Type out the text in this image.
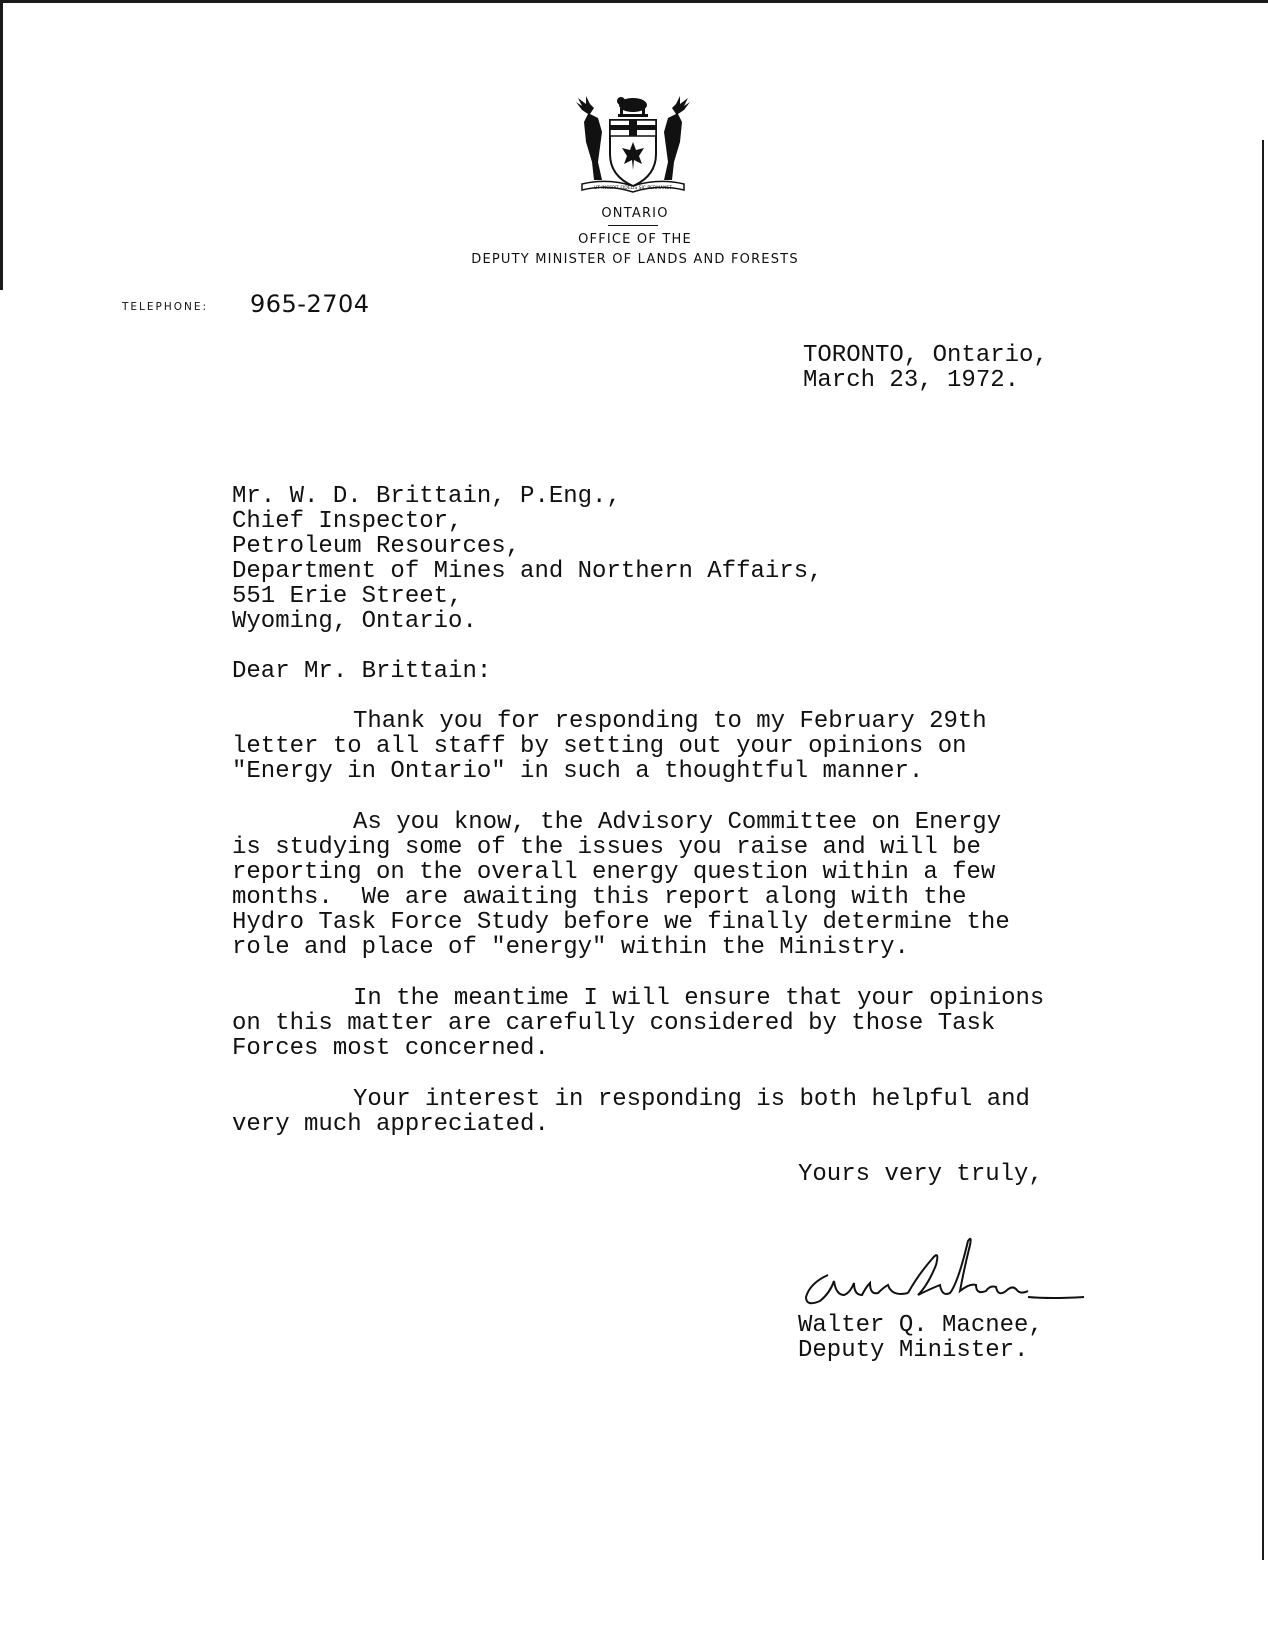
UT INCEPIT FIDELIS SIC PERMANET
ONTARIO
OFFICE OF THE
DEPUTY MINISTER OF LANDS AND FORESTS
TELEPHONE: 965-2704
TORONTO, Ontario,
March 23, 1972.
Mr. W. D. Brittain, P.Eng.,
Chief Inspector,
Petroleum Resources,
Department of Mines and Northern Affairs,
551 Erie Street,
Wyoming, Ontario.
Dear Mr. Brittain:
Thank you for responding to my February 29th
letter to all staff by setting out your opinions on
"Energy in Ontario" in such a thoughtful manner.
As you know, the Advisory Committee on Energy
is studying some of the issues you raise and will be
reporting on the overall energy question within a few
months.  We are awaiting this report along with the
Hydro Task Force Study before we finally determine the
role and place of "energy" within the Ministry.
In the meantime I will ensure that your opinions
on this matter are carefully considered by those Task
Forces most concerned.
Your interest in responding is both helpful and
very much appreciated.
Yours very truly,
Walter Q. Macnee,
Deputy Minister.
